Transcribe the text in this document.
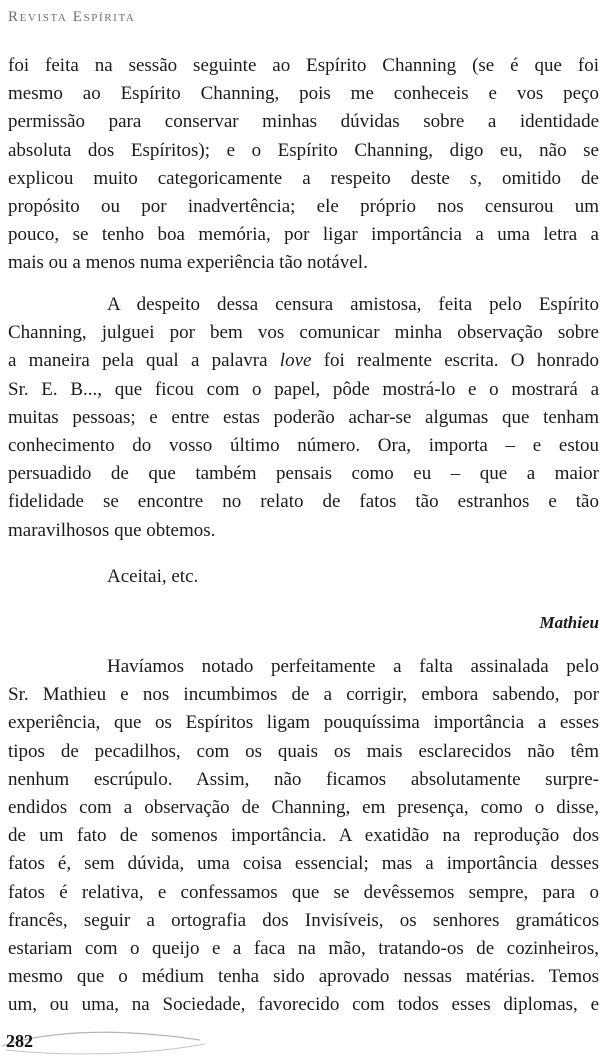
Revista Espírita
foi feita na sessão seguinte ao Espírito Channing (se é que foi
mesmo ao Espírito Channing, pois me conheceis e vos peço
permissão para conservar minhas dúvidas sobre a identidade
absoluta dos Espíritos); e o Espírito Channing, digo eu, não se
explicou muito categoricamente a respeito deste s, omitido de
propósito ou por inadvertência; ele próprio nos censurou um
pouco, se tenho boa memória, por ligar importância a uma letra a
mais ou a menos numa experiência tão notável.
A despeito dessa censura amistosa, feita pelo Espírito
Channing, julguei por bem vos comunicar minha observação sobre
a maneira pela qual a palavra love foi realmente escrita. O honrado
Sr. E. B..., que ficou com o papel, pôde mostrá-lo e o mostrará a
muitas pessoas; e entre estas poderão achar-se algumas que tenham
conhecimento do vosso último número. Ora, importa – e estou
persuadido de que também pensais como eu – que a maior
fidelidade se encontre no relato de fatos tão estranhos e tão
maravilhosos que obtemos.
Aceitai, etc.
Mathieu
Havíamos notado perfeitamente a falta assinalada pelo
Sr. Mathieu e nos incumbimos de a corrigir, embora sabendo, por
experiência, que os Espíritos ligam pouquíssima importância a esses
tipos de pecadilhos, com os quais os mais esclarecidos não têm
nenhum escrúpulo. Assim, não ficamos absolutamente surpre-
endidos com a observação de Channing, em presença, como o disse,
de um fato de somenos importância. A exatidão na reprodução dos
fatos é, sem dúvida, uma coisa essencial; mas a importância desses
fatos é relativa, e confessamos que se devêssemos sempre, para o
francês, seguir a ortografia dos Invisíveis, os senhores gramáticos
estariam com o queijo e a faca na mão, tratando-os de cozinheiros,
mesmo que o médium tenha sido aprovado nessas matérias. Temos
um, ou uma, na Sociedade, favorecido com todos esses diplomas, e
282
